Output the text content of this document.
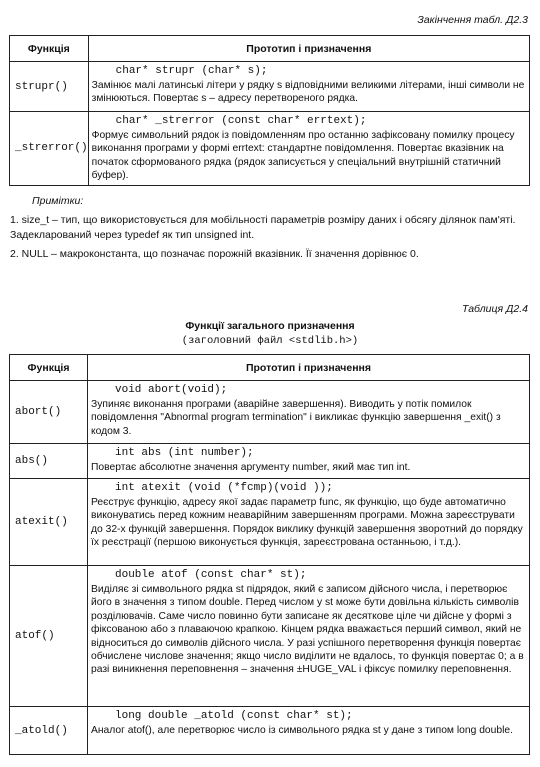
Закінчення табл. Д2.3
Функція	Прототип і призначення
strupr()	char* strupr (char* s);
Замінює малі латинські літери у рядку s відповідними великими літерами, інші символи не змінюються. Повертає s – адресу перетвореного рядка.

_strerror()	char* _strerror (const char* errtext);
Формує символьний рядок із повідомленням про останню зафіксовану помилку процесу виконання програми у формі errtext: стандартне повідомлення. Повертає вказівник на початок сформованого рядка (рядок записується у спеціальний внутрішній статичний буфер).
Примітки:
1. size_t – тип, що використовується для мобільності параметрів розміру даних і обсягу ділянок пам'яті. Задекларований через typedef як тип unsigned int.
2. NULL – макроконстанта, що позначає порожній вказівник. Її значення дорівнює 0.
Таблиця Д2.4
Функції загального призначення
(заголовний файл <stdlib.h>)
Функція	Прототип і призначення
abort()	void abort(void);
Зупиняє виконання програми (аварійне завершення). Виводить у потік помилок повідомлення "Abnormal program termination" і викликає функцію завершення _exit() з кодом 3.

abs()	int abs (int number);
Повертає абсолютне значення аргументу number, який має тип int.

atexit()	int atexit (void (*fcmp)(void ));
Реєструє функцію, адресу якої задає параметр func, як функцію, що буде автоматично виконуватись перед кожним неаварійним завершенням програми. Можна зареєструвати до 32-х функцій завершення. Порядок виклику функцій завершення зворотний до порядку їх реєстрації (першою виконується функція, зареєстрована останньою, і т.д.).

atof()	double atof (const char* st);
Виділяє зі символьного рядка st підрядок, який є записом дійсного числа, і перетворює його в значення з типом double. Перед числом у st може бути довільна кількість символів розділювачів. Саме число повинно бути записане як десяткове ціле чи дійсне у формі з фіксованою або з плаваючою крапкою. Кінцем рядка вважається перший символ, який не відноситься до символів дійсного числа. У разі успішного перетворення функція повертає обчислене числове значення; якщо число виділити не вдалось, то функція повертає 0; а в разі виникнення переповнення – значення ±HUGE_VAL і фіксує помилку переповнення.

_atold()	long double _atold (const char* st);
Аналог atof(), але перетворює число із символьного рядка st у дане з типом long double.
